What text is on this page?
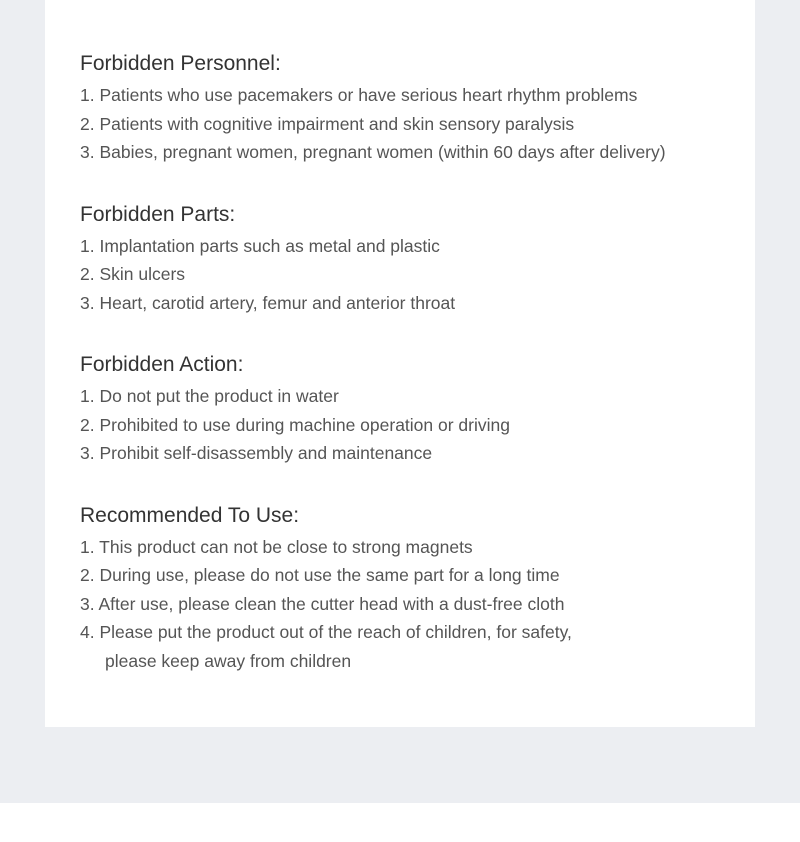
Forbidden Personnel:
1. Patients who use pacemakers or have serious heart rhythm problems
2. Patients with cognitive impairment and skin sensory paralysis
3. Babies, pregnant women, pregnant women (within 60 days after delivery)
Forbidden Parts:
1. Implantation parts such as metal and plastic
2. Skin ulcers
3. Heart, carotid artery, femur and anterior throat
Forbidden Action:
1. Do not put the product in water
2. Prohibited to use during machine operation or driving
3. Prohibit self-disassembly and maintenance
Recommended To Use:
1. This product can not be close to strong magnets
2. During use, please do not use the same part for a long time
3. After use, please clean the cutter head with a dust-free cloth
4. Please put the product out of the reach of children, for safety,
please keep away from children
